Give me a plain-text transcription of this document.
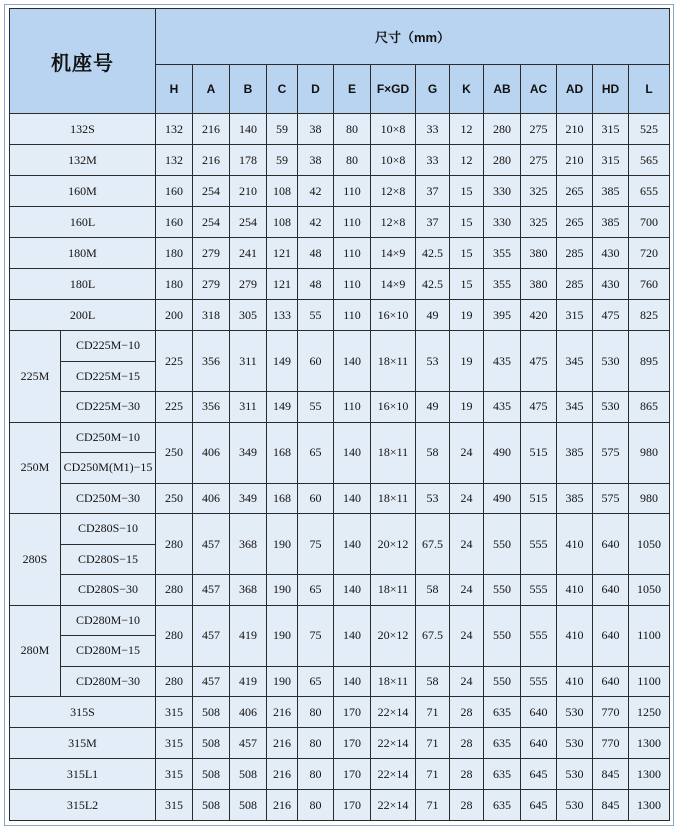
机座号		尺寸（mm）													
		H	A	B	C	D	E	F×GD	G	K	AB	AC	AD	HD	L
132S		132	216	140	59	38	80	10×8	33	12	280	275	210	315	525
132M		132	216	178	59	38	80	10×8	33	12	280	275	210	315	565
160M		160	254	210	108	42	110	12×8	37	15	330	325	265	385	655
160L		160	254	254	108	42	110	12×8	37	15	330	325	265	385	700
180M		180	279	241	121	48	110	14×9	42.5	15	355	380	285	430	720
180L		180	279	279	121	48	110	14×9	42.5	15	355	380	285	430	760
200L		200	318	305	133	55	110	16×10	49	19	395	420	315	475	825
225M	CD225M−10	225	356	311	149	60	140	18×11	53	19	435	475	345	530	895
	CD225M−15														
	CD225M−30	225	356	311	149	55	110	16×10	49	19	435	475	345	530	865
250M	CD250M−10	250	406	349	168	65	140	18×11	58	24	490	515	385	575	980
	CD250M(M1)−15														
	CD250M−30	250	406	349	168	60	140	18×11	53	24	490	515	385	575	980
280S	CD280S−10	280	457	368	190	75	140	20×12	67.5	24	550	555	410	640	1050
	CD280S−15														
	CD280S−30	280	457	368	190	65	140	18×11	58	24	550	555	410	640	1050
280M	CD280M−10	280	457	419	190	75	140	20×12	67.5	24	550	555	410	640	1100
	CD280M−15														
	CD280M−30	280	457	419	190	65	140	18×11	58	24	550	555	410	640	1100
315S		315	508	406	216	80	170	22×14	71	28	635	640	530	770	1250
315M		315	508	457	216	80	170	22×14	71	28	635	640	530	770	1300
315L1		315	508	508	216	80	170	22×14	71	28	635	645	530	845	1300
315L2		315	508	508	216	80	170	22×14	71	28	635	645	530	845	1300
